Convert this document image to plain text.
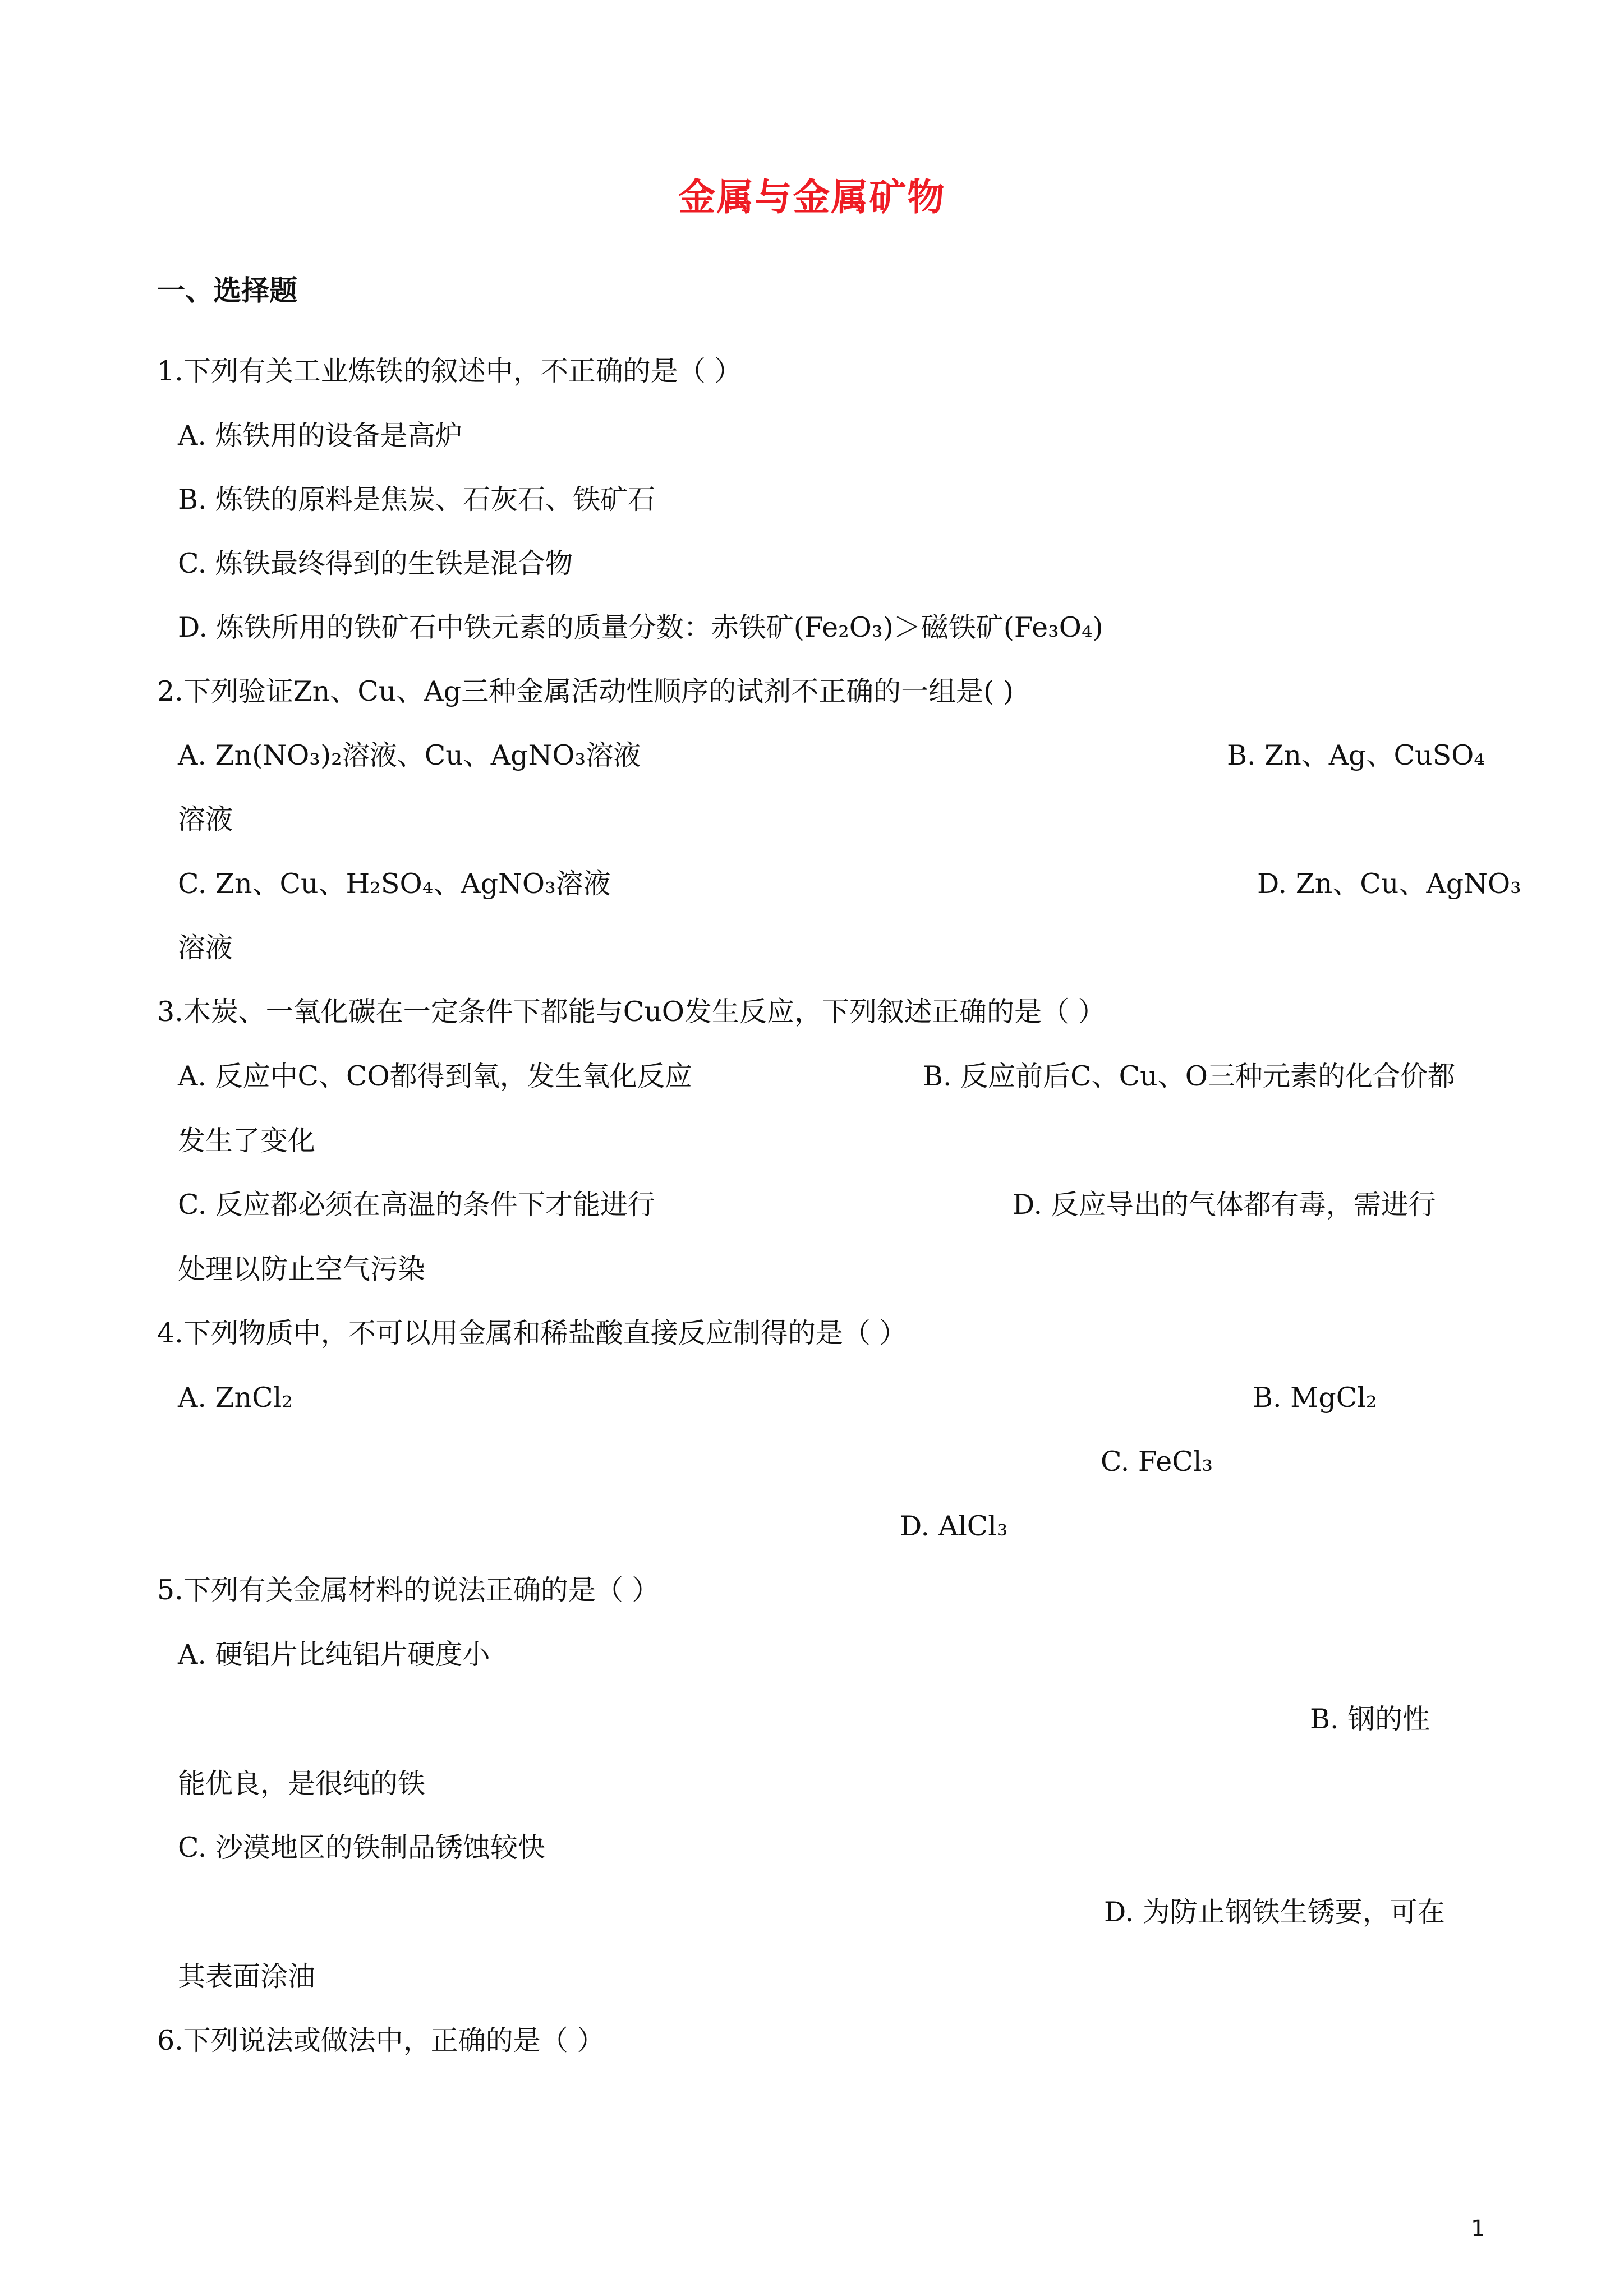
金属与金属矿物
一、选择题
1.下列有关工业炼铁的叙述中，不正确的是（ ）
A. 炼铁用的设备是高炉
B. 炼铁的原料是焦炭、石灰石、铁矿石
C. 炼铁最终得到的生铁是混合物
D. 炼铁所用的铁矿石中铁元素的质量分数：赤铁矿(Fe₂O₃)＞磁铁矿(Fe₃O₄)
2.下列验证Zn、Cu、Ag三种金属活动性顺序的试剂不正确的一组是( )
A. Zn(NO₃)₂溶液、Cu、AgNO₃溶液	B. Zn、Ag、CuSO₄
溶液
C. Zn、Cu、H₂SO₄、AgNO₃溶液	D. Zn、Cu、AgNO₃
溶液
3.木炭、一氧化碳在一定条件下都能与CuO发生反应，下列叙述正确的是（ ）
A. 反应中C、CO都得到氧，发生氧化反应	B. 反应前后C、Cu、O三种元素的化合价都
发生了变化
C. 反应都必须在高温的条件下才能进行	D. 反应导出的气体都有毒，需进行
处理以防止空气污染
4.下列物质中，不可以用金属和稀盐酸直接反应制得的是（ ）
A. ZnCl₂	B. MgCl₂
C. FeCl₃
D. AlCl₃
5.下列有关金属材料的说法正确的是（ ）
A. 硬铝片比纯铝片硬度小
B. 钢的性
能优良，是很纯的铁
C. 沙漠地区的铁制品锈蚀较快
D. 为防止钢铁生锈要，可在
其表面涂油
6.下列说法或做法中，正确的是（ ）
1
